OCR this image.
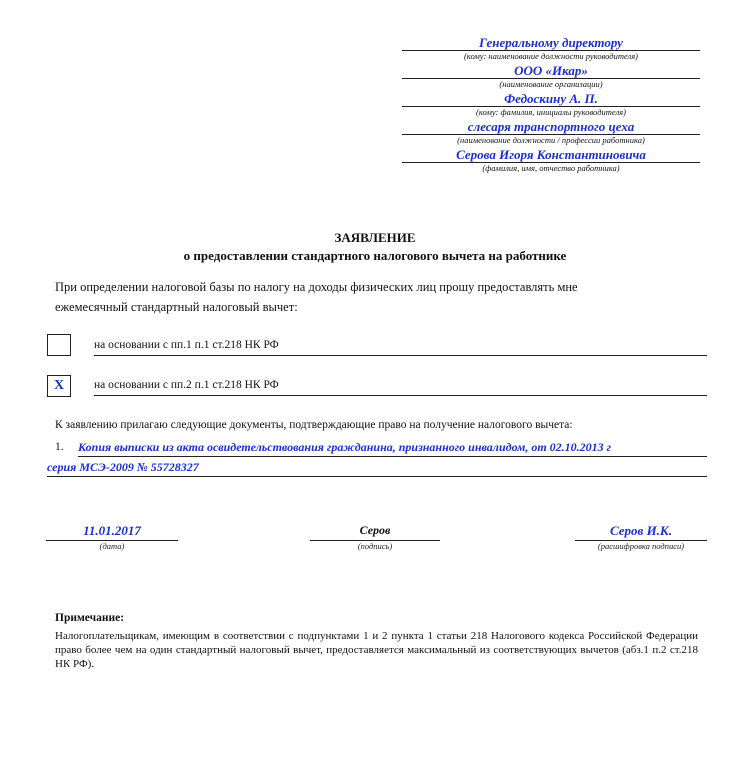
Генеральному директору
(кому: наименование должности руководителя)
ООО «Икар»
(наименование организации)
Федоскину А. П.
(кому: фамилия, инициалы руководителя)
слесаря транспортного цеха
(наименование должности / профессии работника)
Серова Игоря Константиновича
(фамилия, имя, отчество работника)
ЗАЯВЛЕНИЕ
о предоставлении стандартного налогового вычета на работнике
При определении налоговой базы по налогу на доходы физических лиц прошу предоставлять мне
ежемесячный стандартный налоговый вычет:
на основании с пп.1 п.1 ст.218 НК РФ
X	на основании с пп.2 п.1 ст.218 НК РФ
К заявлению прилагаю следующие документы, подтверждающие право на получение налогового вычета:
1. Копия выписки из акта освидетельствования гражданина, признанного инвалидом, от 02.10.2013 г
серия МСЭ-2009 № 55728327
11.01.2017
(дата)
Серов
(подпись)
Серов И.К.
(расшифровка подписи)
Примечание:
Налогоплательщикам, имеющим в соответствии с подпунктами 1 и 2 пункта 1 статьи 218 Налогового кодекса Российской Федерации право более чем на один стандартный налоговый вычет, предоставляется максимальный из соответствующих вычетов (абз.1 п.2 ст.218 НК РФ).
